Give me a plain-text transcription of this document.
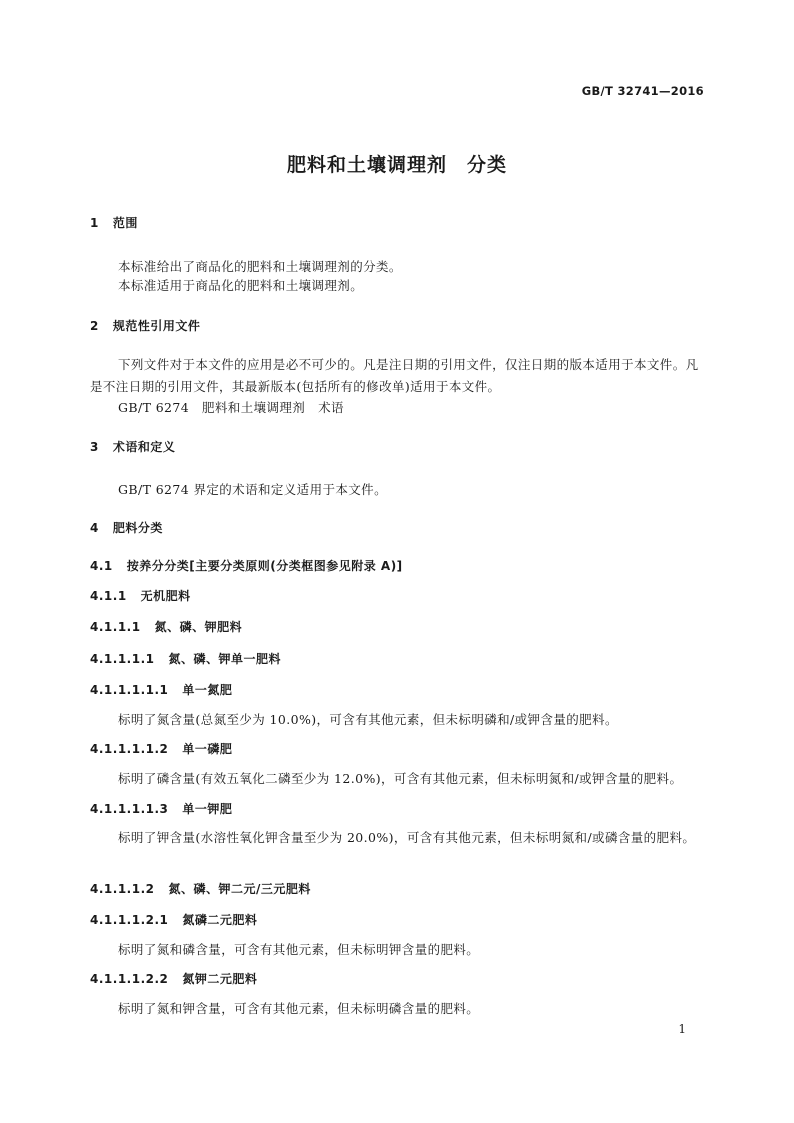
GB/T 32741—2016
肥料和土壤调理剂　分类
1 范围
本标准给出了商品化的肥料和土壤调理剂的分类。
本标准适用于商品化的肥料和土壤调理剂。
2 规范性引用文件
下列文件对于本文件的应用是必不可少的。凡是注日期的引用文件，仅注日期的版本适用于本文件。凡是不注日期的引用文件，其最新版本(包括所有的修改单)适用于本文件。
GB/T 6274　肥料和土壤调理剂　术语
3 术语和定义
GB/T 6274 界定的术语和定义适用于本文件。
4 肥料分类
4.1 按养分分类[主要分类原则(分类框图参见附录 A)]
4.1.1 无机肥料
4.1.1.1 氮、磷、钾肥料
4.1.1.1.1 氮、磷、钾单一肥料
4.1.1.1.1.1 单一氮肥
标明了氮含量(总氮至少为 10.0%)，可含有其他元素，但未标明磷和/或钾含量的肥料。
4.1.1.1.1.2 单一磷肥
标明了磷含量(有效五氧化二磷至少为 12.0%)，可含有其他元素，但未标明氮和/或钾含量的肥料。
4.1.1.1.1.3 单一钾肥
标明了钾含量(水溶性氧化钾含量至少为 20.0%)，可含有其他元素，但未标明氮和/或磷含量的肥料。
4.1.1.1.2 氮、磷、钾二元/三元肥料
4.1.1.1.2.1 氮磷二元肥料
标明了氮和磷含量，可含有其他元素，但未标明钾含量的肥料。
4.1.1.1.2.2 氮钾二元肥料
标明了氮和钾含量，可含有其他元素，但未标明磷含量的肥料。
1
